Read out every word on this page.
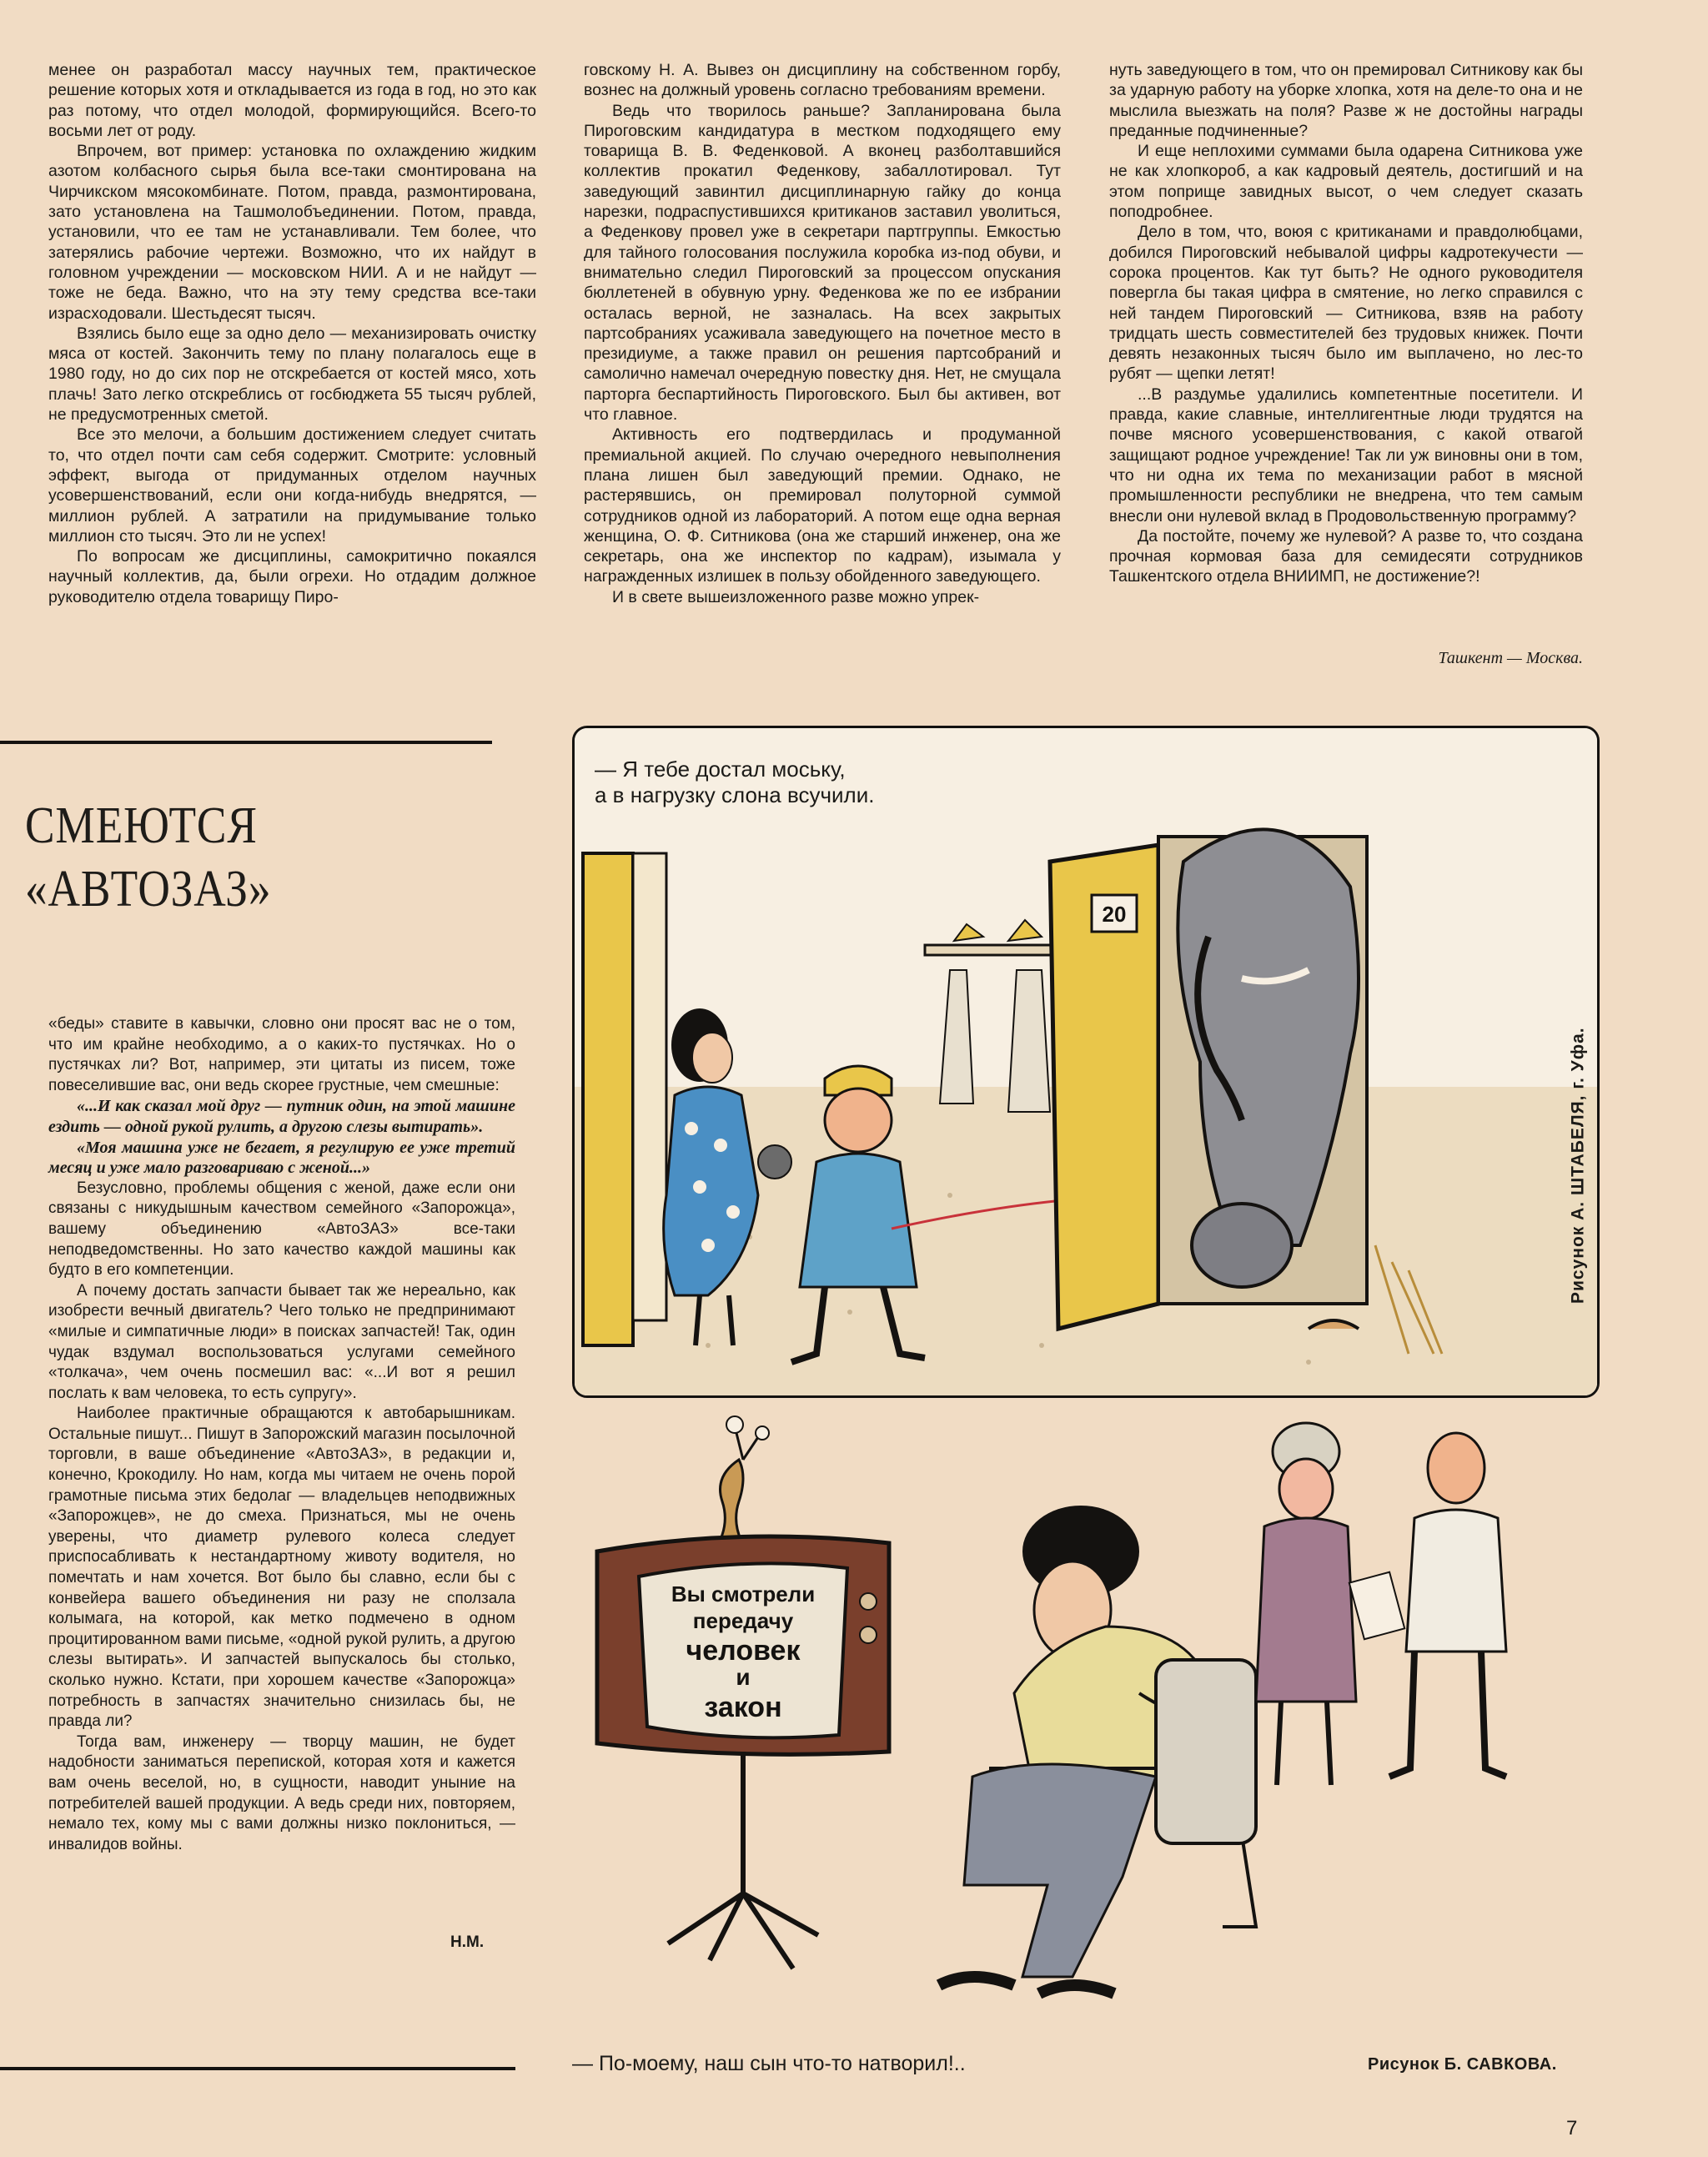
менее он разработал массу научных тем, практическое решение которых хотя и откладывается из года в год, но это как раз потому, что отдел молодой, формирующийся. Всего-то восьми лет от роду.

Впрочем, вот пример: установка по охлаждению жидким азотом колбасного сырья была все-таки смонтирована на Чирчикском мясокомбинате. Потом, правда, размонтирована, зато установлена на Ташмолобъединении. Потом, правда, установили, что ее там не устанавливали. Тем более, что затерялись рабочие чертежи. Возможно, что их найдут в головном учреждении — московском НИИ. А и не найдут — тоже не беда. Важно, что на эту тему средства все-таки израсходовали. Шестьдесят тысяч.

Взялись было еще за одно дело — механизировать очистку мяса от костей. Закончить тему по плану полагалось еще в 1980 году, но до сих пор не отскребается от костей мясо, хоть плачь! Зато легко отскреблись от госбюджета 55 тысяч рублей, не предусмотренных сметой.

Все это мелочи, а большим достижением следует считать то, что отдел почти сам себя содержит. Смотрите: условный эффект, выгода от придуманных отделом научных усовершенствований, если они когда-нибудь внедрятся, — миллион рублей. А затратили на придумывание только миллион сто тысяч. Это ли не успех!

По вопросам же дисциплины, самокритично покаялся научный коллектив, да, были огрехи. Но отдадим должное руководителю отдела товарищу Пиро-

говскому Н. А. Вывез он дисциплину на собственном горбу, вознес на должный уровень согласно требованиям времени.

Ведь что творилось раньше? Запланирована была Пироговским кандидатура в местком подходящего ему товарища В. В. Феденковой. А вконец разболтавшийся коллектив прокатил Феденкову, забаллотировал. Тут заведующий завинтил дисциплинарную гайку до конца нарезки, подраспустившихся критиканов заставил уволиться, а Феденкову провел уже в секретари партгруппы. Емкостью для тайного голосования послужила коробка из-под обуви, и внимательно следил Пироговский за процессом опускания бюллетеней в обувную урну. Феденкова же по ее избрании осталась верной, не зазналась. На всех закрытых партсобраниях усаживала заведующего на почетное место в президиуме, а также правил он решения партсобраний и самолично намечал очередную повестку дня. Нет, не смущала парторга беспартийность Пироговского. Был бы активен, вот что главное.

Активность его подтвердилась и продуманной премиальной акцией. По случаю очередного невыполнения плана лишен был заведующий премии. Однако, не растерявшись, он премировал полуторной суммой сотрудников одной из лабораторий. А потом еще одна верная женщина, О. Ф. Ситникова (она же старший инженер, она же секретарь, она же инспектор по кадрам), изымала у награжденных излишек в пользу обойденного заведующего.

И в свете вышеизложенного разве можно упрек-

нуть заведующего в том, что он премировал Ситникову как бы за ударную работу на уборке хлопка, хотя на деле-то она и не мыслила выезжать на поля? Разве ж не достойны награды преданные подчиненные?

И еще неплохими суммами была одарена Ситникова уже не как хлопкороб, а как кадровый деятель, достигший и на этом поприще завидных высот, о чем следует сказать поподробнее.

Дело в том, что, воюя с критиканами и правдолюбцами, добился Пироговский небывалой цифры кадротекучести — сорока процентов. Как тут быть? Не одного руководителя повергла бы такая цифра в смятение, но легко справился с ней тандем Пироговский — Ситникова, взяв на работу тридцать шесть совместителей без трудовых книжек. Почти девять незаконных тысяч было им выплачено, но лес-то рубят — щепки летят!

...В раздумье удалились компетентные посетители. И правда, какие славные, интеллигентные люди трудятся на почве мясного усовершенствования, с какой отвагой защищают родное учреждение! Так ли уж виновны они в том, что ни одна их тема по механизации работ в мясной промышленности республики не внедрена, что тем самым внесли они нулевой вклад в Продовольственную программу?

Да постойте, почему же нулевой? А разве то, что создана прочная кормовая база для семидесяти сотрудников Ташкентского отдела ВНИИМП, не достижение?!

Ташкент — Москва.
СМЕЮТСЯ
«АВТОЗАЗ»

«беды» ставите в кавычки, словно они просят вас не о том, что им крайне необходимо, а о каких-то пустячках. Но о пустячках ли? Вот, например, эти цитаты из писем, тоже повеселившие вас, они ведь скорее грустные, чем смешные:

«...И как сказал мой друг — путник один, на этой машине ездить — одной рукой рулить, а другою слезы вытирать».

«Моя машина уже не бегает, я регулирую ее уже третий месяц и уже мало разговариваю с женой...»

Безусловно, проблемы общения с женой, даже если они связаны с никудышным качеством семейного «Запорожца», вашему объединению «АвтоЗАЗ» все-таки неподведомственны. Но зато качество каждой машины как будто в его компетенции.

А почему достать запчасти бывает так же нереально, как изобрести вечный двигатель? Чего только не предпринимают «милые и симпатичные люди» в поисках запчастей! Так, один чудак вздумал воспользоваться услугами семейного «толкача», чем очень посмешил вас: «...И вот я решил послать к вам человека, то есть супругу».

Наиболее практичные обращаются к автобарышникам. Остальные пишут... Пишут в Запорожский магазин посылочной торговли, в ваше объединение «АвтоЗАЗ», в редакции и, конечно, Крокодилу. Но нам, когда мы читаем не очень порой грамотные письма этих бедолаг — владельцев неподвижных «Запорожцев», не до смеха. Признаться, мы не очень уверены, что диаметр рулевого колеса следует приспосабливать к нестандартному животу водителя, но помечтать и нам хочется. Вот было бы славно, если бы с конвейера вашего объединения ни разу не сползала колымага, на которой, как метко подмечено в одном процитированном вами письме, «одной рукой рулить, а другою слезы вытирать». И запчастей выпускалось бы столько, сколько нужно. Кстати, при хорошем качестве «Запорожца» потребность в запчастях значительно снизилась бы, не правда ли?

Тогда вам, инженеру — творцу машин, не будет надобности заниматься перепиской, которая хотя и кажется вам очень веселой, но, в сущности, наводит уныние на потребителей вашей продукции. А ведь среди них, повторяем, немало тех, кому мы с вами должны низко поклониться, — инвалидов войны.

Н.М.
20
— Я тебе достал моську,
а в нагрузку слона всучили.
Рисунок А. ШТАБЕЛЯ, г. Уфа.
Вы смотрели
передачу
человек
и
закон
— По-моему, наш сын что-то натворил!..	Рисунок Б. САВКОВА.
7
